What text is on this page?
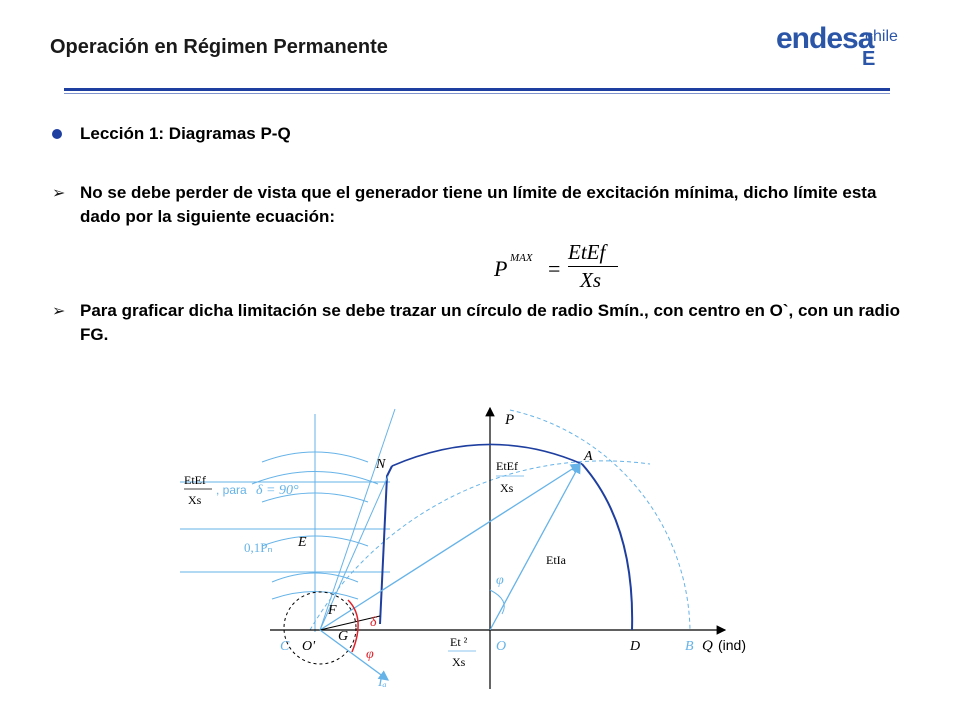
Operación en Régimen Permanente	endesa
chile
E
Lección 1: Diagramas P-Q
➢ No se debe perder de vista que el generador tiene un límite de excitación mínima, dicho límite esta dado por la siguiente ecuación:
P MAX =
EtEf
Xs
➢ Para graficar dicha limitación se debe trazar un círculo de radio Smín., con centro en O`, con un radio FG.
P
Q (ind)
N
A
E
F
G
C O'	O	D	B
Iₐ
δ
φ
φ
EtEf
Xs
, para δ = 90°
0,1Pₙ
EtEf
Xs
EtIa
Et ²
Xs
